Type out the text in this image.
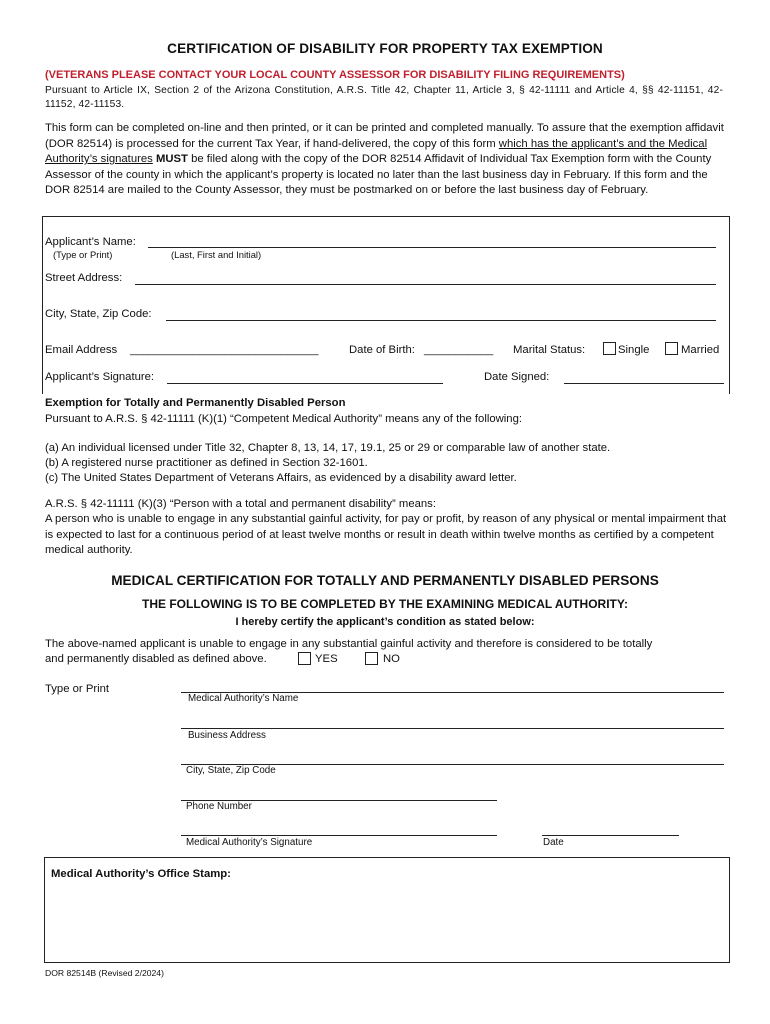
CERTIFICATION OF DISABILITY FOR PROPERTY TAX EXEMPTION
(VETERANS PLEASE CONTACT YOUR LOCAL COUNTY ASSESSOR FOR DISABILITY FILING REQUIREMENTS)
Pursuant to Article IX, Section 2 of the Arizona Constitution, A.R.S. Title 42, Chapter 11, Article 3, § 42-11111 and Article 4, §§ 42-11151, 42-11152, 42-11153.
This form can be completed on-line and then printed, or it can be printed and completed manually. To assure that the exemption affidavit (DOR 82514) is processed for the current Tax Year, if hand-delivered, the copy of this form which has the applicant’s and the Medical Authority’s signatures MUST be filed along with the copy of the DOR 82514 Affidavit of Individual Tax Exemption form with the County Assessor of the county in which the applicant’s property is located no later than the last business day in February. If this form and the DOR 82514 are mailed to the County Assessor, they must be postmarked on or before the last business day of February.
Applicant’s Name:
(Type or Print)	(Last, First and Initial)
Street Address:
City, State, Zip Code:
Email Address ______________________________	Date of Birth: ___________ Marital Status:	Single	Married
Applicant’s Signature:	Date Signed:
Exemption for Totally and Permanently Disabled Person
Pursuant to A.R.S. § 42-11111 (K)(1) “Competent Medical Authority” means any of the following:
(a) An individual licensed under Title 32, Chapter 8, 13, 14, 17, 19.1, 25 or 29 or comparable law of another state.
(b) A registered nurse practitioner as defined in Section 32-1601.
(c) The United States Department of Veterans Affairs, as evidenced by a disability award letter.
A.R.S. § 42-11111 (K)(3) “Person with a total and permanent disability” means:
A person who is unable to engage in any substantial gainful activity, for pay or profit, by reason of any physical or mental impairment that is expected to last for a continuous period of at least twelve months or result in death within twelve months as certified by a competent medical authority.
MEDICAL CERTIFICATION FOR TOTALLY AND PERMANENTLY DISABLED PERSONS
THE FOLLOWING IS TO BE COMPLETED BY THE EXAMINING MEDICAL AUTHORITY:
I hereby certify the applicant’s condition as stated below:
The above-named applicant is unable to engage in any substantial gainful activity and therefore is considered to be totally
and permanently disabled as defined above.	YES	NO
Type or Print
Medical Authority’s Name
Business Address
City, State, Zip Code
Phone Number
Medical Authority’s Signature	Date
Medical Authority’s Office Stamp:
DOR 82514B (Revised 2/2024)
